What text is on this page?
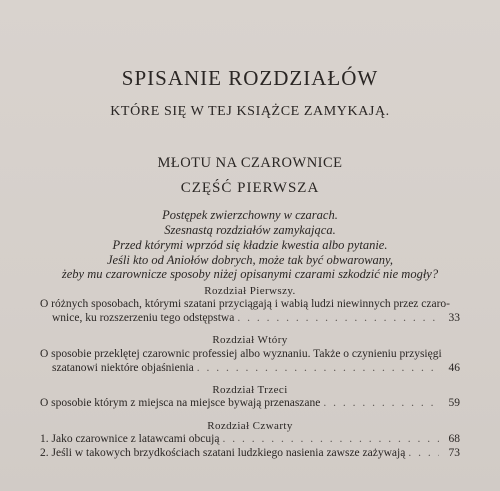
SPISANIE ROZDZIAŁÓW
KTÓRE SIĘ W TEJ KSIĄŻCE ZAMYKAJĄ.
MŁOTU NA CZAROWNICE
CZĘŚĆ PIERWSZA
Postępek zwierzchowny w czarach.
Szesnastą rozdziałów zamykająca.
Przed którymi wprzód się kładzie kwestia albo pytanie.
Jeśli kto od Aniołów dobrych, może tak być obwarowany,
żeby mu czarownicze sposoby niżej opisanymi czarami szkodzić nie mogły?
Rozdział Pierwszy.
O różnych sposobach, którymi szatani przyciągają i wabią ludzi niewinnych przez czaro-
wnice, ku rozszerzeniu tego odstępstwa . . .	33
Rozdział Wtóry
O sposobie przeklętej czarownic professiej albo wyznaniu. Także o czynieniu przysięgi
szatanowi niektóre objaśnienia . . .	46
Rozdział Trzeci
O sposobie którym z miejsca na miejsce bywają przenaszane . . .	59
Rozdział Czwarty
1. Jako czarownice z latawcami obcują . . .	68
2. Jeśli w takowych brzydkościach szatani ludzkiego nasienia zawsze zażywają . . .	73
